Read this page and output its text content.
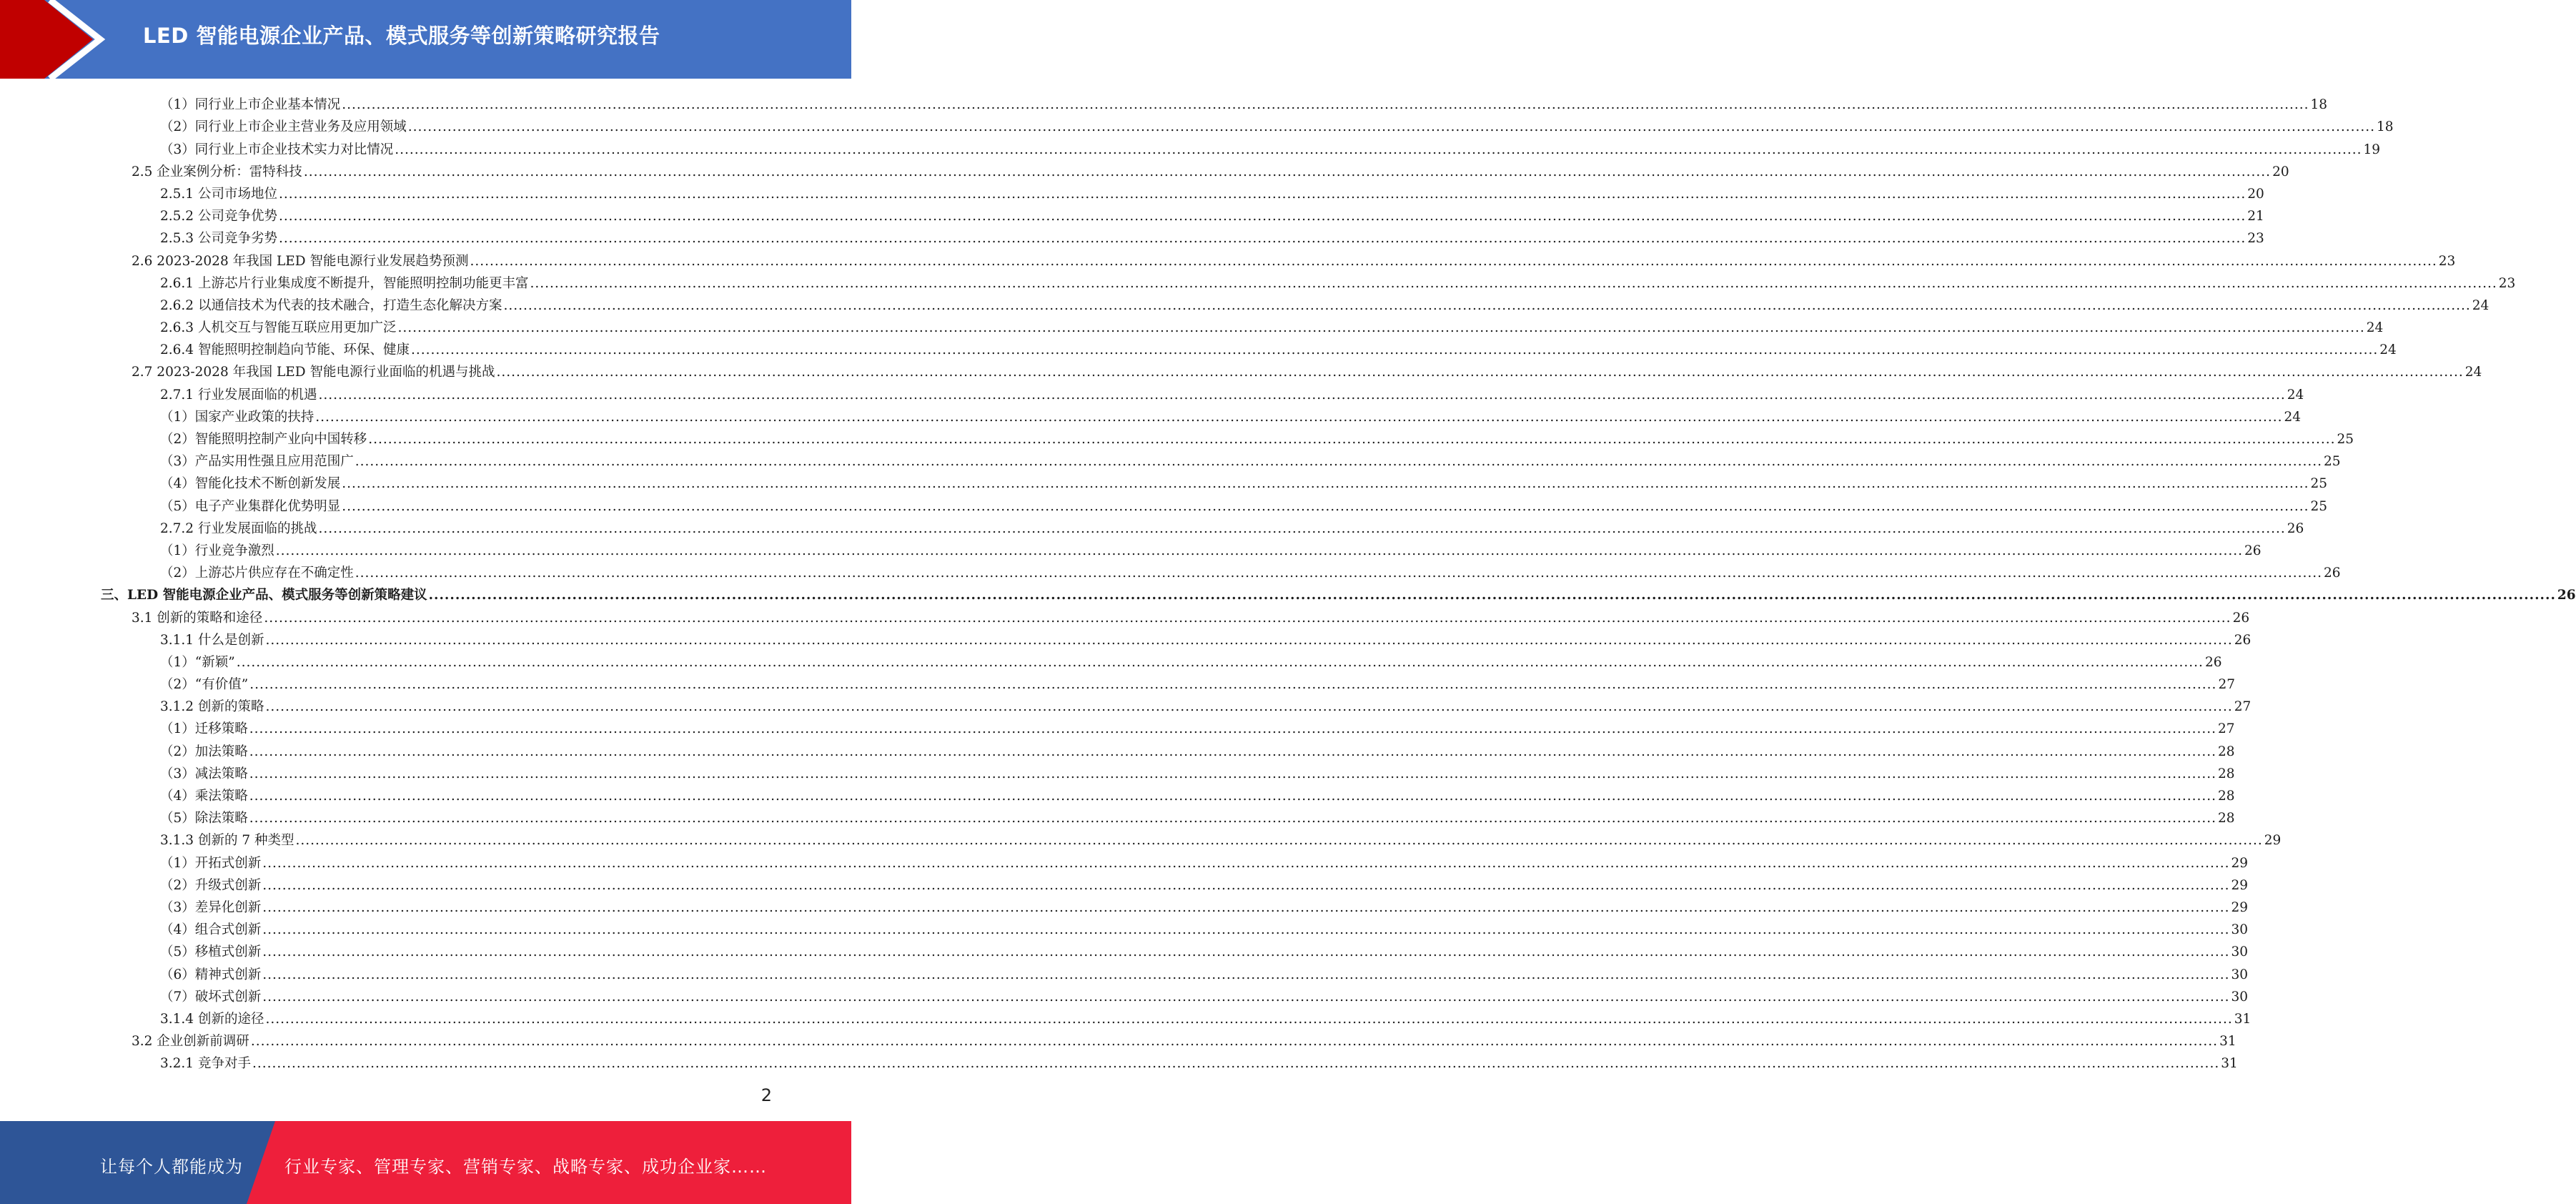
LED 智能电源企业产品、模式服务等创新策略研究报告
（1）同行业上市企业基本情况 ................................................................................................................................................................................................................................................................................................................................................................................................................ 18
（2）同行业上市企业主营业务及应用领域 ................................................................................................................................................................................................................................................................................................................................................................................................................ 18
（3）同行业上市企业技术实力对比情况 ................................................................................................................................................................................................................................................................................................................................................................................................................ 19
2.5 企业案例分析：雷特科技 ................................................................................................................................................................................................................................................................................................................................................................................................................ 20
2.5.1 公司市场地位 ................................................................................................................................................................................................................................................................................................................................................................................................................ 20
2.5.2 公司竞争优势 ................................................................................................................................................................................................................................................................................................................................................................................................................ 21
2.5.3 公司竞争劣势 ................................................................................................................................................................................................................................................................................................................................................................................................................ 23
2.6 2023-2028 年我国 LED 智能电源行业发展趋势预测 ................................................................................................................................................................................................................................................................................................................................................................................................................ 23
2.6.1 上游芯片行业集成度不断提升，智能照明控制功能更丰富 ................................................................................................................................................................................................................................................................................................................................................................................................................ 23
2.6.2 以通信技术为代表的技术融合，打造生态化解决方案 ................................................................................................................................................................................................................................................................................................................................................................................................................ 24
2.6.3 人机交互与智能互联应用更加广泛 ................................................................................................................................................................................................................................................................................................................................................................................................................ 24
2.6.4 智能照明控制趋向节能、环保、健康 ................................................................................................................................................................................................................................................................................................................................................................................................................ 24
2.7 2023-2028 年我国 LED 智能电源行业面临的机遇与挑战 ................................................................................................................................................................................................................................................................................................................................................................................................................ 24
2.7.1 行业发展面临的机遇 ................................................................................................................................................................................................................................................................................................................................................................................................................ 24
（1）国家产业政策的扶持 ................................................................................................................................................................................................................................................................................................................................................................................................................ 24
（2）智能照明控制产业向中国转移 ................................................................................................................................................................................................................................................................................................................................................................................................................ 25
（3）产品实用性强且应用范围广 ................................................................................................................................................................................................................................................................................................................................................................................................................ 25
（4）智能化技术不断创新发展 ................................................................................................................................................................................................................................................................................................................................................................................................................ 25
（5）电子产业集群化优势明显 ................................................................................................................................................................................................................................................................................................................................................................................................................ 25
2.7.2 行业发展面临的挑战 ................................................................................................................................................................................................................................................................................................................................................................................................................ 26
（1）行业竞争激烈 ................................................................................................................................................................................................................................................................................................................................................................................................................ 26
（2）上游芯片供应存在不确定性 ................................................................................................................................................................................................................................................................................................................................................................................................................ 26
三、LED 智能电源企业产品、模式服务等创新策略建议 ................................................................................................................................................................................................................................................................................................................................................................................................................ 26
3.1 创新的策略和途径 ................................................................................................................................................................................................................................................................................................................................................................................................................ 26
3.1.1 什么是创新 ................................................................................................................................................................................................................................................................................................................................................................................................................ 26
（1）“新颖” ................................................................................................................................................................................................................................................................................................................................................................................................................ 26
（2）“有价值” ................................................................................................................................................................................................................................................................................................................................................................................................................ 27
3.1.2 创新的策略 ................................................................................................................................................................................................................................................................................................................................................................................................................ 27
（1）迁移策略 ................................................................................................................................................................................................................................................................................................................................................................................................................ 27
（2）加法策略 ................................................................................................................................................................................................................................................................................................................................................................................................................ 28
（3）减法策略 ................................................................................................................................................................................................................................................................................................................................................................................................................ 28
（4）乘法策略 ................................................................................................................................................................................................................................................................................................................................................................................................................ 28
（5）除法策略 ................................................................................................................................................................................................................................................................................................................................................................................................................ 28
3.1.3 创新的 7 种类型 ................................................................................................................................................................................................................................................................................................................................................................................................................ 29
（1）开拓式创新 ................................................................................................................................................................................................................................................................................................................................................................................................................ 29
（2）升级式创新 ................................................................................................................................................................................................................................................................................................................................................................................................................ 29
（3）差异化创新 ................................................................................................................................................................................................................................................................................................................................................................................................................ 29
（4）组合式创新 ................................................................................................................................................................................................................................................................................................................................................................................................................ 30
（5）移植式创新 ................................................................................................................................................................................................................................................................................................................................................................................................................ 30
（6）精神式创新 ................................................................................................................................................................................................................................................................................................................................................................................................................ 30
（7）破坏式创新 ................................................................................................................................................................................................................................................................................................................................................................................................................ 30
3.1.4 创新的途径 ................................................................................................................................................................................................................................................................................................................................................................................................................ 31
3.2 企业创新前调研 ................................................................................................................................................................................................................................................................................................................................................................................................................ 31
3.2.1 竞争对手 ................................................................................................................................................................................................................................................................................................................................................................................................................ 31
2
让每个人都能成为 行业专家、管理专家、营销专家、战略专家、成功企业家……
